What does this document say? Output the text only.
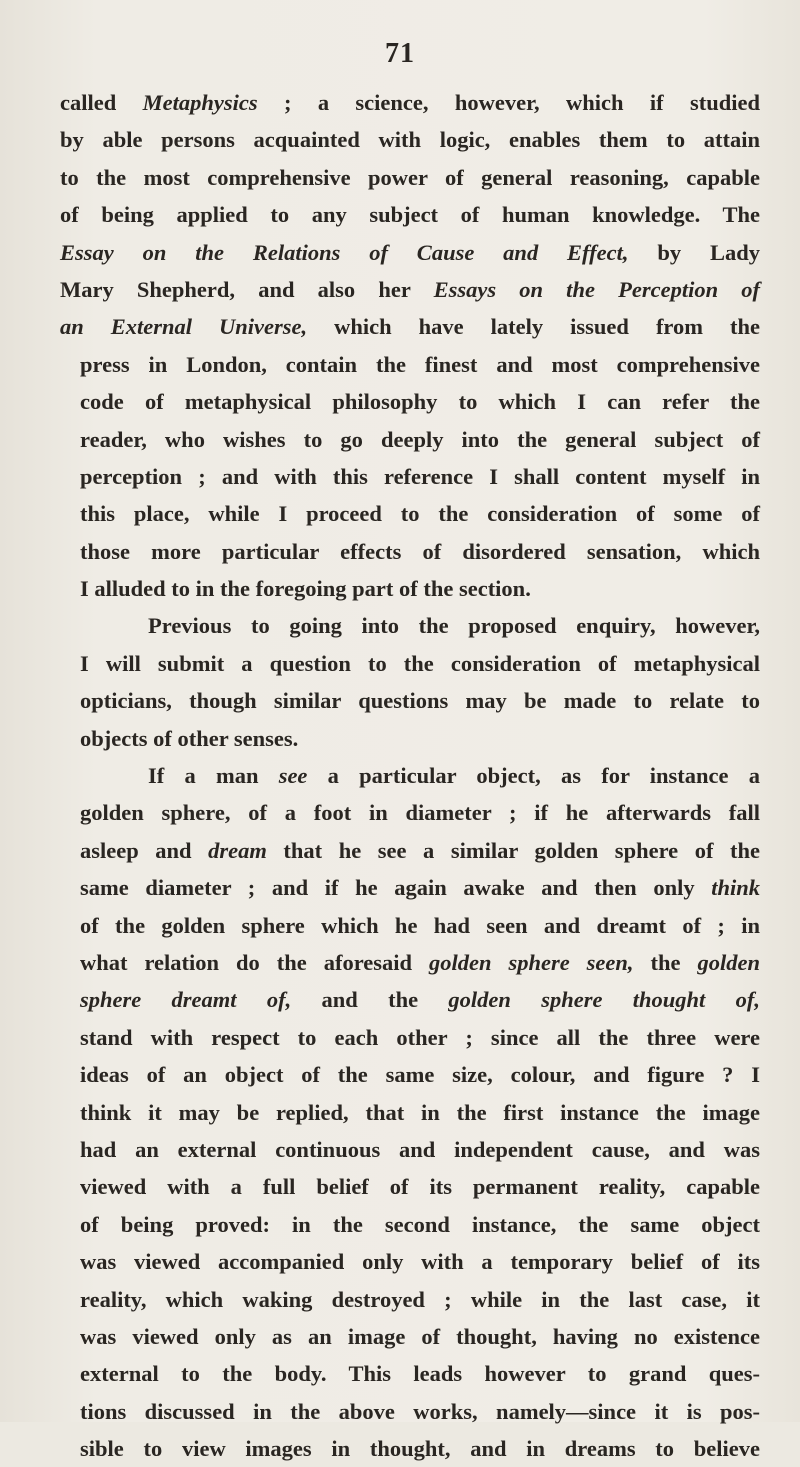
71
called Metaphysics ; a science, however, which if studied
by able persons acquainted with logic, enables them to attain
to the most comprehensive power of general reasoning, capable
of being applied to any subject of human knowledge. The
Essay on the Relations of Cause and Effect, by Lady
Mary Shepherd, and also her Essays on the Perception of
an External Universe, which have lately issued from the
press in London, contain the finest and most comprehensive
code of metaphysical philosophy to which I can refer the
reader, who wishes to go deeply into the general subject of
perception ; and with this reference I shall content myself in
this place, while I proceed to the consideration of some of
those more particular effects of disordered sensation, which
I alluded to in the foregoing part of the section.
Previous to going into the proposed enquiry, however,
I will submit a question to the consideration of metaphysical
opticians, though similar questions may be made to relate to
objects of other senses.
If a man see a particular object, as for instance a
golden sphere, of a foot in diameter ; if he afterwards fall
asleep and dream that he see a similar golden sphere of the
same diameter ; and if he again awake and then only think
of the golden sphere which he had seen and dreamt of ; in
what relation do the aforesaid golden sphere seen, the golden
sphere dreamt of, and the golden sphere thought of,
stand with respect to each other ; since all the three were
ideas of an object of the same size, colour, and figure ? I
think it may be replied, that in the first instance the image
had an external continuous and independent cause, and was
viewed with a full belief of its permanent reality, capable
of being proved: in the second instance, the same object
was viewed accompanied only with a temporary belief of its
reality, which waking destroyed ; while in the last case, it
was viewed only as an image of thought, having no existence
external to the body. This leads however to grand ques-
tions discussed in the above works, namely—since it is pos-
sible to view images in thought, and in dreams to believe
